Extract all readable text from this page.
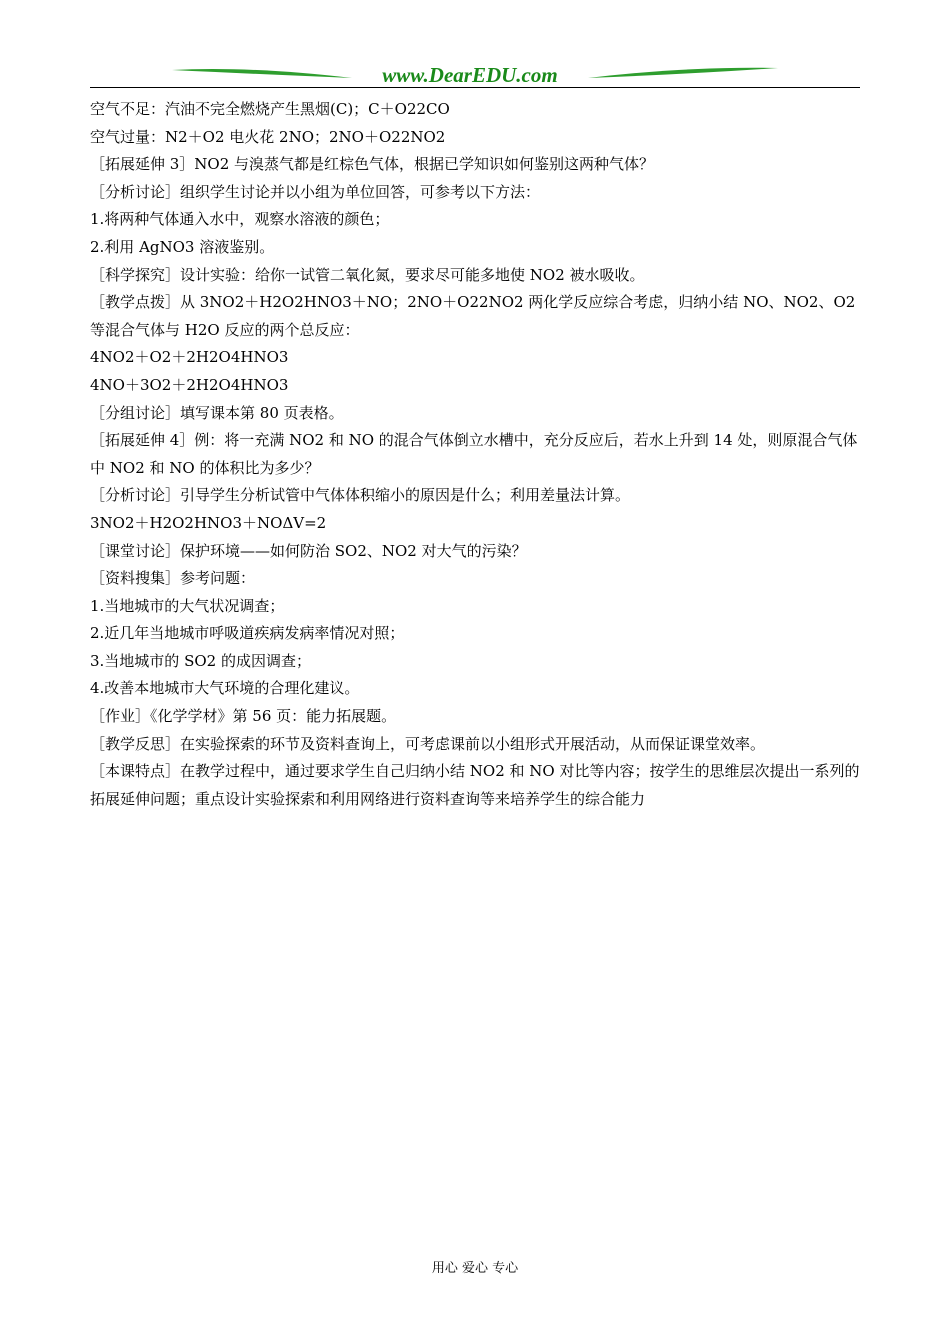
www.DearEDU.com

空气不足：汽油不完全燃烧产生黑烟(C)；C＋O22CO

空气过量：N2＋O2 电火花 2NO；2NO＋O22NO2

［拓展延伸 3］NO2 与溴蒸气都是红棕色气体，根据已学知识如何鉴别这两种气体？

［分析讨论］组织学生讨论并以小组为单位回答，可参考以下方法：

1.将两种气体通入水中，观察水溶液的颜色；

2.利用 AgNO3 溶液鉴别。

［科学探究］设计实验：给你一试管二氧化氮，要求尽可能多地使 NO2 被水吸收。

［教学点拨］从 3NO2＋H2O2HNO3＋NO；2NO＋O22NO2 两化学反应综合考虑，归纳小结 NO、NO2、O2 等混合气体与 H2O 反应的两个总反应：

4NO2＋O2＋2H2O4HNO3

4NO＋3O2＋2H2O4HNO3

［分组讨论］填写课本第 80 页表格。

［拓展延伸 4］例：将一充满 NO2 和 NO 的混合气体倒立水槽中，充分反应后，若水上升到 14 处，则原混合气体中 NO2 和 NO 的体积比为多少？

［分析讨论］引导学生分析试管中气体体积缩小的原因是什么；利用差量法计算。

3NO2＋H2O2HNO3＋NOΔV=2

［课堂讨论］保护环境——如何防治 SO2、NO2 对大气的污染？

［资料搜集］参考问题：

1.当地城市的大气状况调查；

2.近几年当地城市呼吸道疾病发病率情况对照；

3.当地城市的 SO2 的成因调查；

4.改善本地城市大气环境的合理化建议。

［作业］《化学学材》第 56 页：能力拓展题。

［教学反思］在实验探索的环节及资料查询上，可考虑课前以小组形式开展活动，从而保证课堂效率。

［本课特点］在教学过程中，通过要求学生自己归纳小结 NO2 和 NO 对比等内容；按学生的思维层次提出一系列的拓展延伸问题；重点设计实验探索和利用网络进行资料查询等来培养学生的综合能力

用心 爱心 专心
